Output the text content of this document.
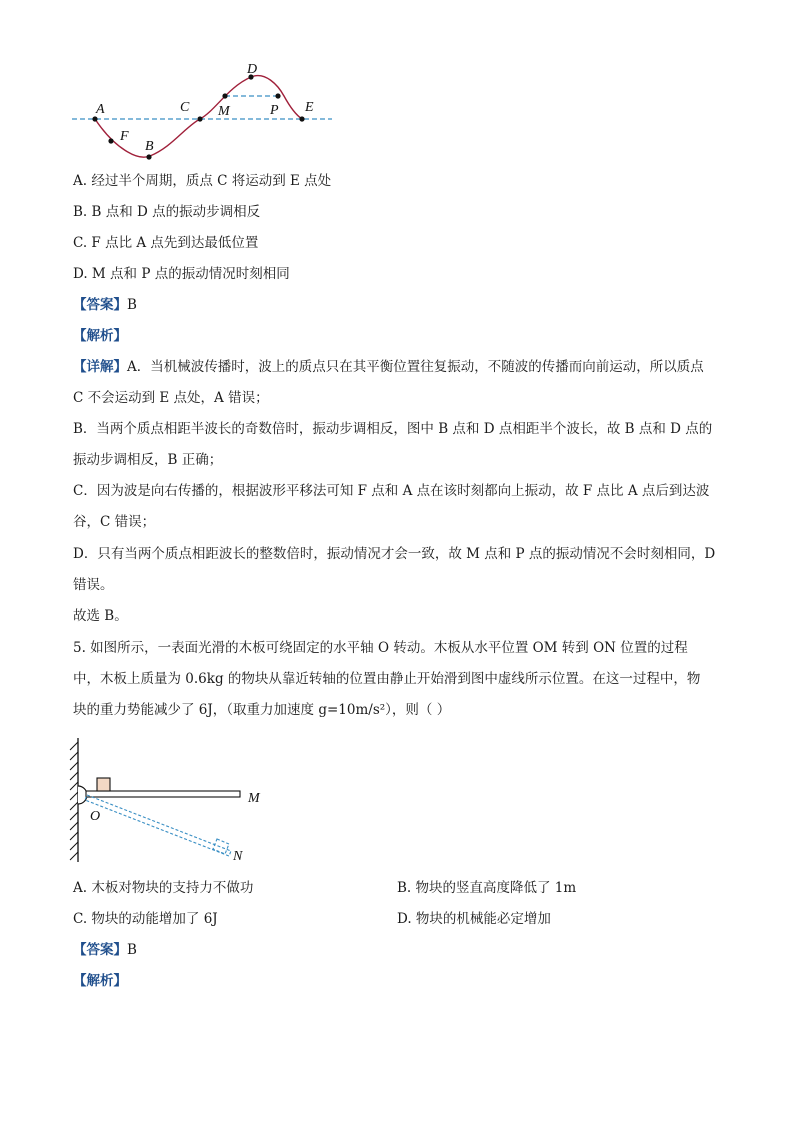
A
F
B
C M
D
P E
A. 经过半个周期，质点 C 将运动到 E 点处
B. B 点和 D 点的振动步调相反
C. F 点比 A 点先到达最低位置
D. M 点和 P 点的振动情况时刻相同
【答案】B
【解析】
【详解】A．当机械波传播时，波上的质点只在其平衡位置往复振动，不随波的传播而向前运动，所以质点
C 不会运动到 E 点处，A 错误；
B．当两个质点相距半波长的奇数倍时，振动步调相反，图中 B 点和 D 点相距半个波长，故 B 点和 D 点的
振动步调相反，B 正确；
C．因为波是向右传播的，根据波形平移法可知 F 点和 A 点在该时刻都向上振动，故 F 点比 A 点后到达波
谷，C 错误；
D．只有当两个质点相距波长的整数倍时，振动情况才会一致，故 M 点和 P 点的振动情况不会时刻相同，D
错误。
故选 B。
5. 如图所示，一表面光滑的木板可绕固定的水平轴 O 转动。木板从水平位置 OM 转到 ON 位置的过程
中，木板上质量为 0.6kg 的物块从靠近转轴的位置由静止开始滑到图中虚线所示位置。在这一过程中，物
块的重力势能减少了 6J，（取重力加速度 g=10m/s²），则（ ）
O
M
N
A. 木板对物块的支持力不做功	B. 物块的竖直高度降低了 1m
C. 物块的动能增加了 6J	D. 物块的机械能必定增加
【答案】B
【解析】
